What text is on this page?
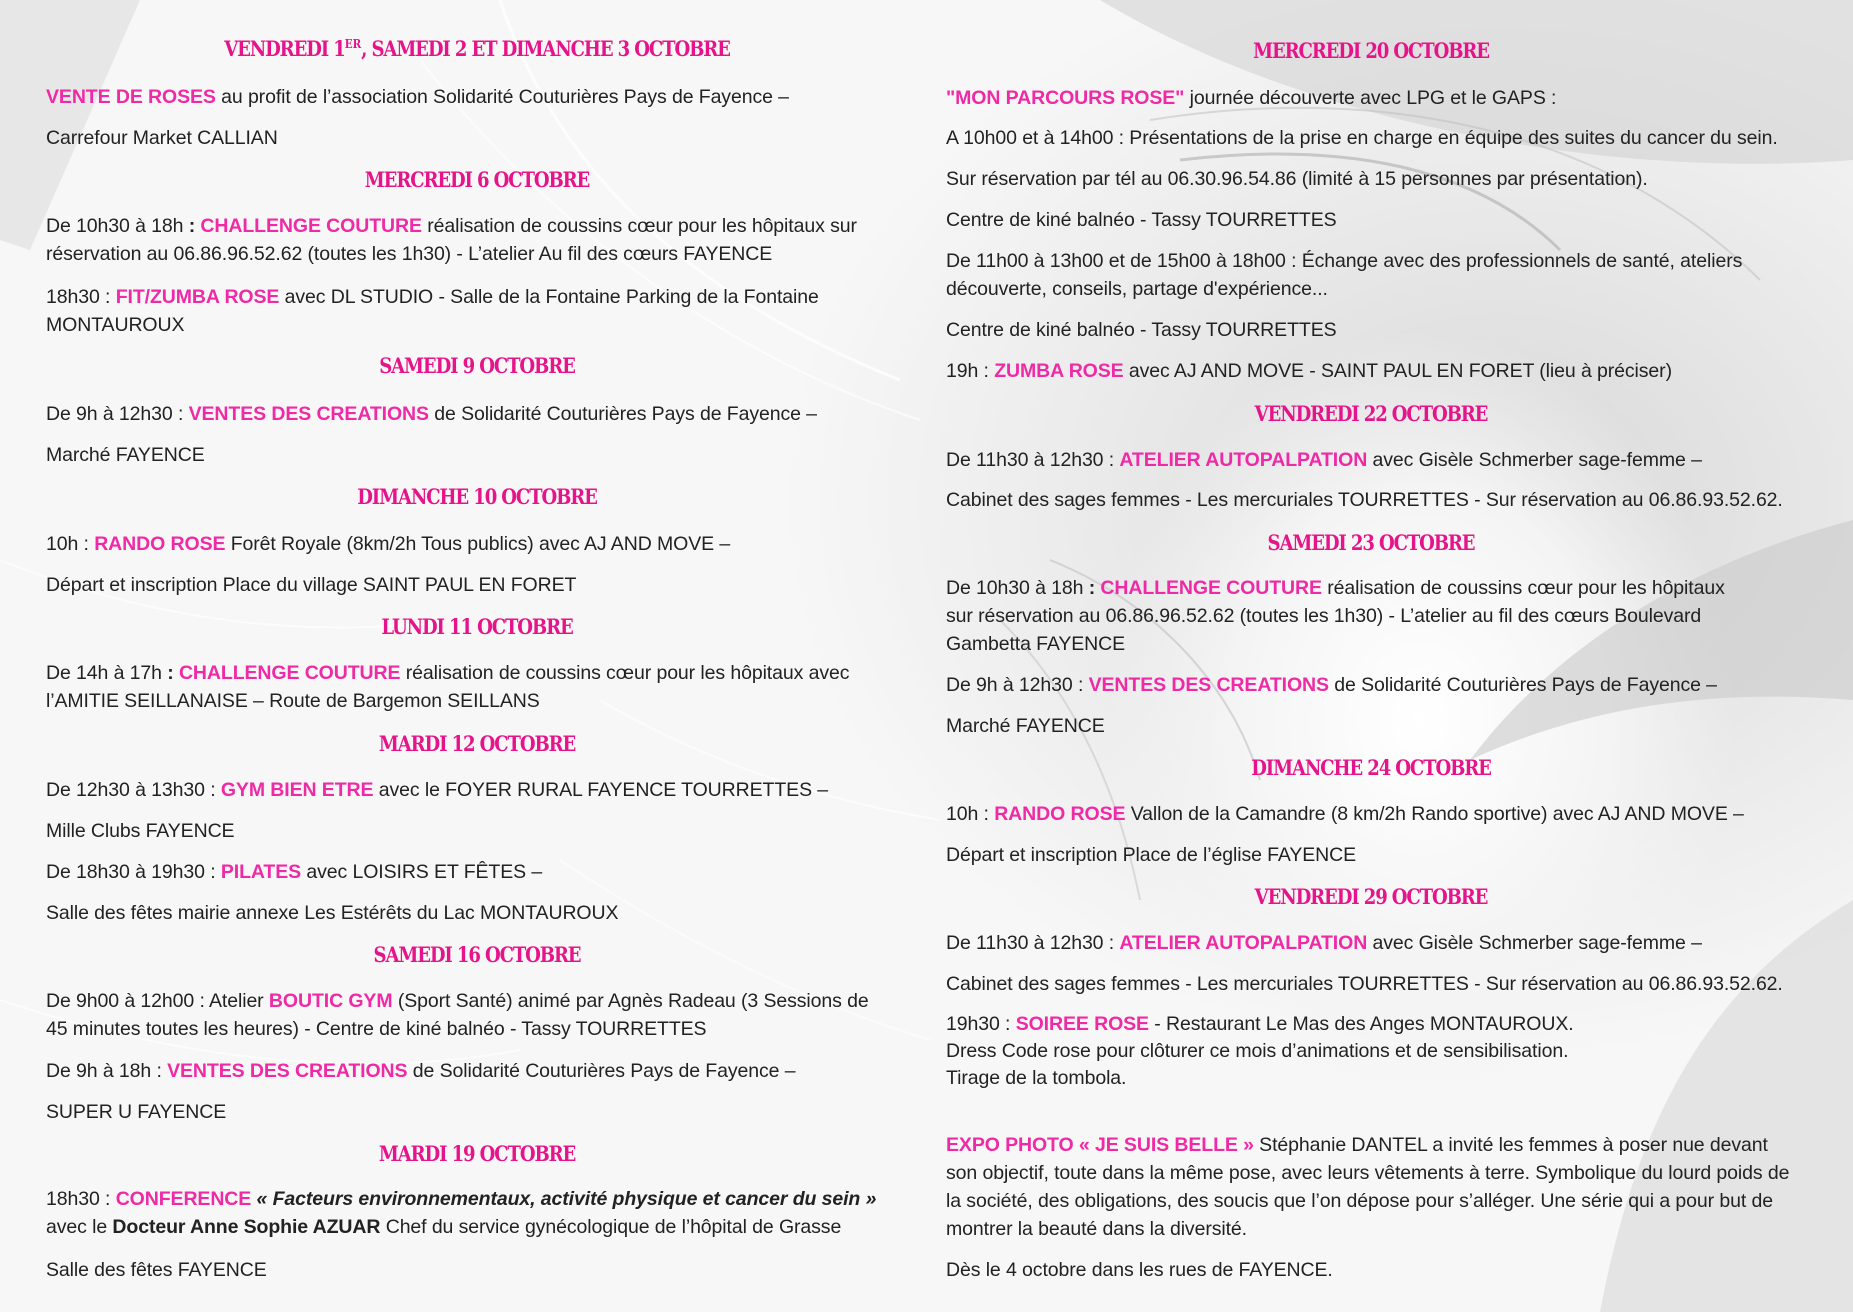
VENDREDI 1ER, SAMEDI 2 ET DIMANCHE 3 OCTOBRE
VENTE DE ROSES au profit de l’association Solidarité Couturières Pays de Fayence –
Carrefour Market CALLIAN
MERCREDI 6 OCTOBRE
De 10h30 à 18h : CHALLENGE COUTURE réalisation de coussins cœur pour les hôpitaux sur réservation au 06.86.96.52.62 (toutes les 1h30) - L’atelier Au fil des cœurs FAYENCE
18h30 : FIT/ZUMBA ROSE avec DL STUDIO - Salle de la Fontaine Parking de la Fontaine MONTAUROUX
SAMEDI 9 OCTOBRE
De 9h à 12h30 : VENTES DES CREATIONS de Solidarité Couturières Pays de Fayence –
Marché FAYENCE
DIMANCHE 10 OCTOBRE
10h : RANDO ROSE Forêt Royale (8km/2h Tous publics) avec AJ AND MOVE –
Départ et inscription Place du village SAINT PAUL EN FORET
LUNDI 11 OCTOBRE
De 14h à 17h : CHALLENGE COUTURE réalisation de coussins cœur pour les hôpitaux avec l’AMITIE SEILLANAISE – Route de Bargemon SEILLANS
MARDI 12 OCTOBRE
De 12h30 à 13h30 : GYM BIEN ETRE avec le FOYER RURAL FAYENCE TOURRETTES –
Mille Clubs FAYENCE
De 18h30 à 19h30 : PILATES avec LOISIRS ET FÊTES –
Salle des fêtes mairie annexe Les Estérêts du Lac MONTAUROUX
SAMEDI 16 OCTOBRE
De 9h00 à 12h00 : Atelier BOUTIC GYM (Sport Santé) animé par Agnès Radeau (3 Sessions de 45 minutes toutes les heures) - Centre de kiné balnéo - Tassy TOURRETTES
De 9h à 18h : VENTES DES CREATIONS de Solidarité Couturières Pays de Fayence –
SUPER U FAYENCE
MARDI 19 OCTOBRE
18h30 : CONFERENCE « Facteurs environnementaux, activité physique et cancer du sein » avec le Docteur Anne Sophie AZUAR Chef du service gynécologique de l’hôpital de Grasse
Salle des fêtes FAYENCE
MERCREDI 20 OCTOBRE
"MON PARCOURS ROSE" journée découverte avec LPG et le GAPS :
A 10h00 et à 14h00 : Présentations de la prise en charge en équipe des suites du cancer du sein.
Sur réservation par tél au 06.30.96.54.86 (limité à 15 personnes par présentation).
Centre de kiné balnéo - Tassy TOURRETTES
De 11h00 à 13h00 et de 15h00 à 18h00 : Échange avec des professionnels de santé, ateliers découverte, conseils, partage d'expérience...
Centre de kiné balnéo - Tassy TOURRETTES
19h : ZUMBA ROSE avec AJ AND MOVE - SAINT PAUL EN FORET (lieu à préciser)
VENDREDI 22 OCTOBRE
De 11h30 à 12h30 : ATELIER AUTOPALPATION avec Gisèle Schmerber sage-femme –
Cabinet des sages femmes - Les mercuriales TOURRETTES - Sur réservation au 06.86.93.52.62.
SAMEDI 23 OCTOBRE
De 10h30 à 18h : CHALLENGE COUTURE réalisation de coussins cœur pour les hôpitaux sur réservation au 06.86.96.52.62 (toutes les 1h30) - L’atelier au fil des cœurs Boulevard Gambetta FAYENCE
De 9h à 12h30 : VENTES DES CREATIONS de Solidarité Couturières Pays de Fayence –
Marché FAYENCE
DIMANCHE 24 OCTOBRE
10h : RANDO ROSE Vallon de la Camandre (8 km/2h Rando sportive) avec AJ AND MOVE –
Départ et inscription Place de l’église FAYENCE
VENDREDI 29 OCTOBRE
De 11h30 à 12h30 : ATELIER AUTOPALPATION avec Gisèle Schmerber sage-femme –
Cabinet des sages femmes - Les mercuriales TOURRETTES - Sur réservation au 06.86.93.52.62.
19h30 : SOIREE ROSE - Restaurant Le Mas des Anges MONTAUROUX.
Dress Code rose pour clôturer ce mois d’animations et de sensibilisation.
Tirage de la tombola.
EXPO PHOTO « JE SUIS BELLE » Stéphanie DANTEL a invité les femmes à poser nue devant son objectif, toute dans la même pose, avec leurs vêtements à terre. Symbolique du lourd poids de la société, des obligations, des soucis que l’on dépose pour s’alléger. Une série qui a pour but de montrer la beauté dans la diversité.
Dès le 4 octobre dans les rues de FAYENCE.
